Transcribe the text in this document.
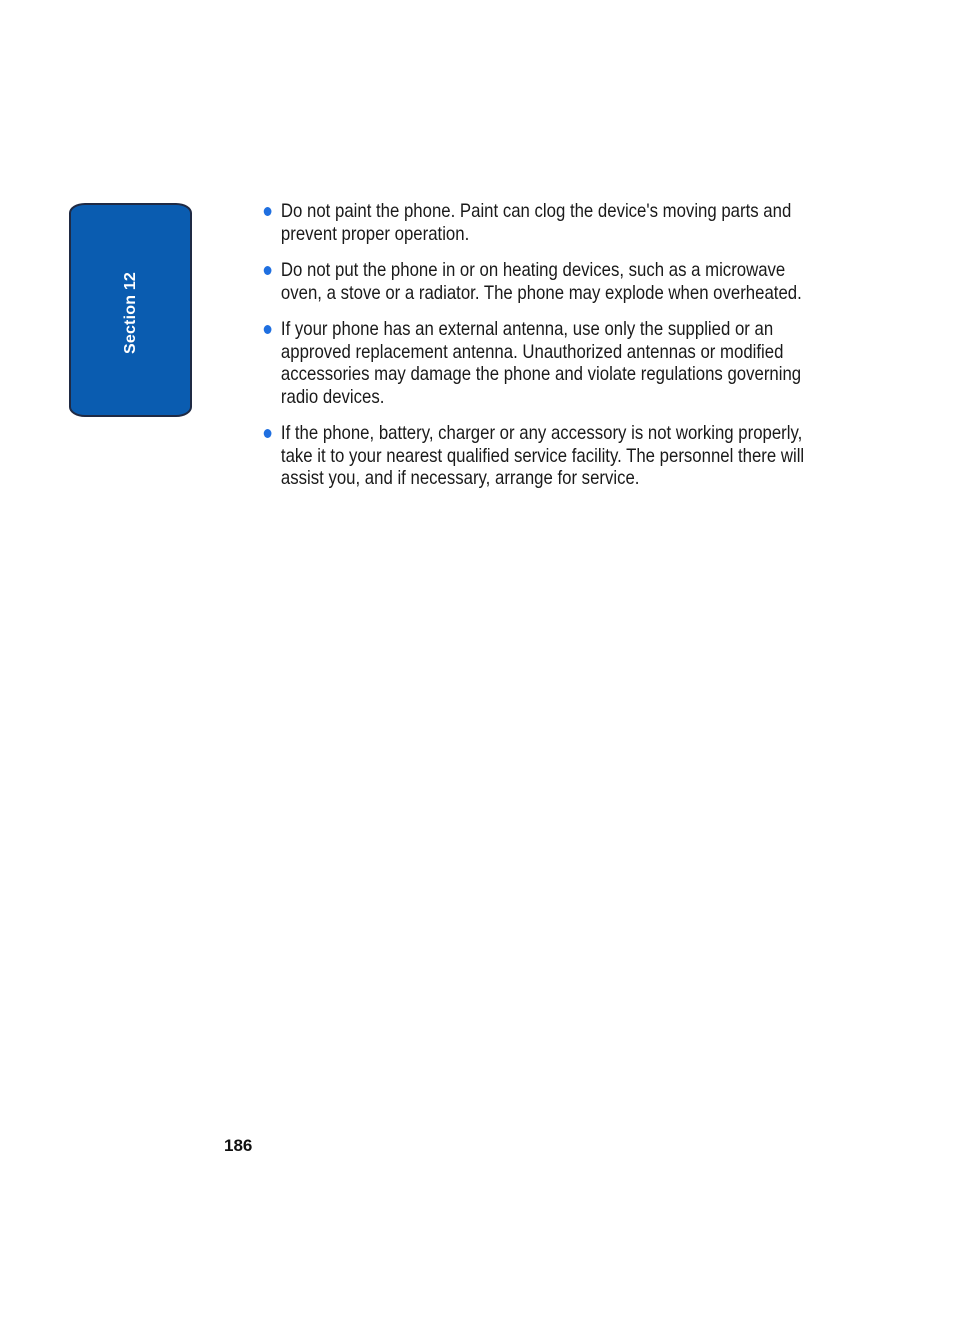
Section 12
Do not paint the phone. Paint can clog the device's moving parts and prevent proper operation.
Do not put the phone in or on heating devices, such as a microwave oven, a stove or a radiator. The phone may explode when overheated.
If your phone has an external antenna, use only the supplied or an approved replacement antenna. Unauthorized antennas or modified accessories may damage the phone and violate regulations governing radio devices.
If the phone, battery, charger or any accessory is not working properly, take it to your nearest qualified service facility. The personnel there will assist you, and if necessary, arrange for service.
186
